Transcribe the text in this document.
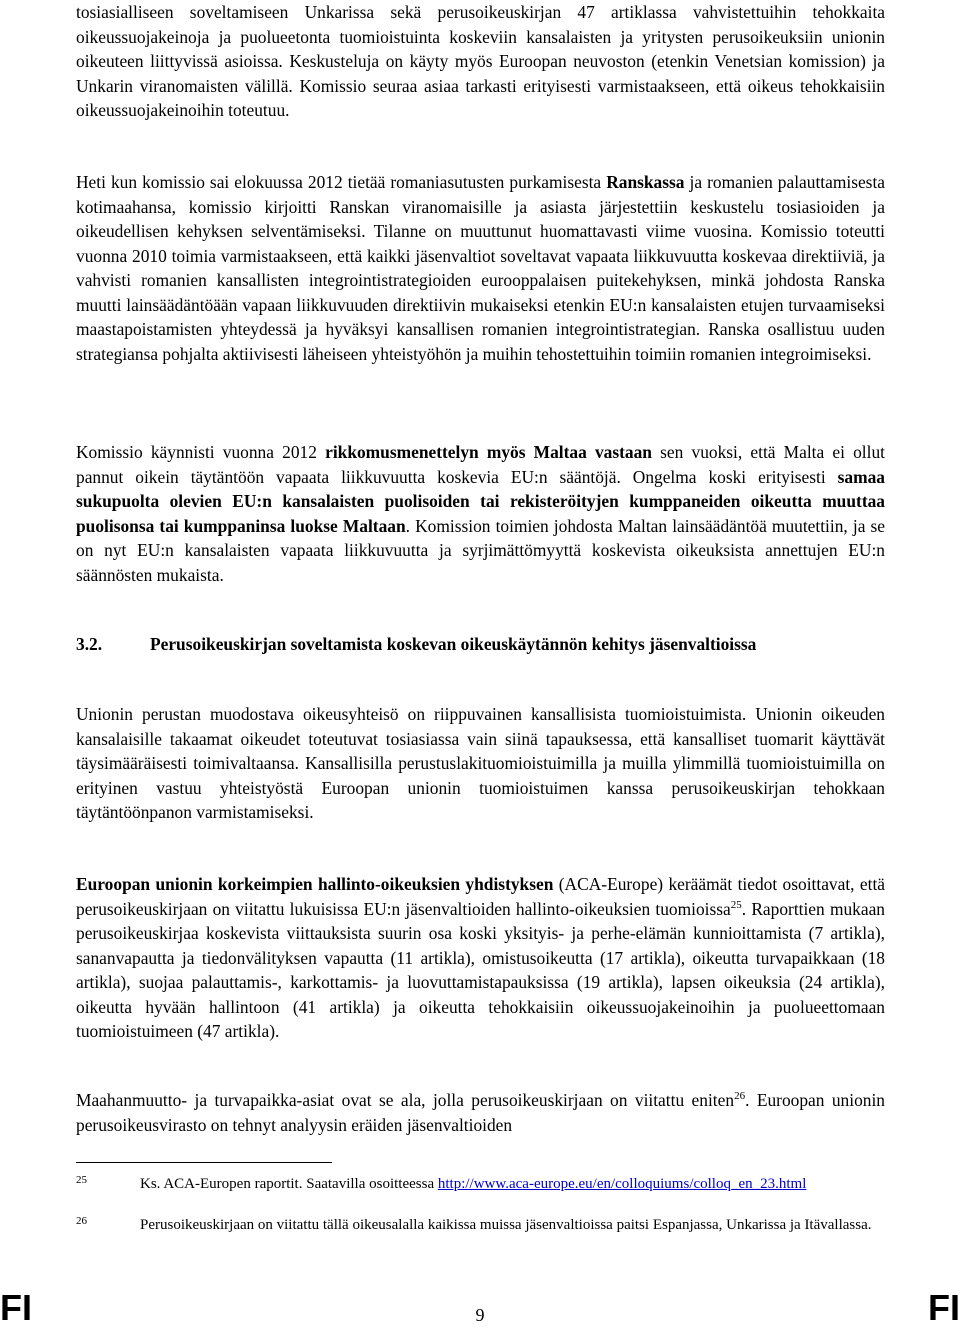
tosiasialliseen soveltamiseen Unkarissa sekä perusoikeuskirjan 47 artiklassa vahvistettuihin tehokkaita oikeussuojakeinoja ja puolueetonta tuomioistuinta koskeviin kansalaisten ja yritysten perusoikeuksiin unionin oikeuteen liittyvissä asioissa. Keskusteluja on käyty myös Euroopan neuvoston (etenkin Venetsian komission) ja Unkarin viranomaisten välillä. Komissio seuraa asiaa tarkasti erityisesti varmistaakseen, että oikeus tehokkaisiin oikeussuojakeinoihin toteutuu.

Heti kun komissio sai elokuussa 2012 tietää romaniasutusten purkamisesta Ranskassa ja romanien palauttamisesta kotimaahansa, komissio kirjoitti Ranskan viranomaisille ja asiasta järjestettiin keskustelu tosiasioiden ja oikeudellisen kehyksen selventämiseksi. Tilanne on muuttunut huomattavasti viime vuosina. Komissio toteutti vuonna 2010 toimia varmistaakseen, että kaikki jäsenvaltiot soveltavat vapaata liikkuvuutta koskevaa direktiiviä, ja vahvisti romanien kansallisten integrointistrategioiden eurooppalaisen puitekehyksen, minkä johdosta Ranska muutti lainsäädäntöään vapaan liikkuvuuden direktiivin mukaiseksi etenkin EU:n kansalaisten etujen turvaamiseksi maastapoistamisten yhteydessä ja hyväksyi kansallisen romanien integrointistrategian. Ranska osallistuu uuden strategiansa pohjalta aktiivisesti läheiseen yhteistyöhön ja muihin tehostettuihin toimiin romanien integroimiseksi.

Komissio käynnisti vuonna 2012 rikkomusmenettelyn myös Maltaa vastaan sen vuoksi, että Malta ei ollut pannut oikein täytäntöön vapaata liikkuvuutta koskevia EU:n sääntöjä. Ongelma koski erityisesti samaa sukupuolta olevien EU:n kansalaisten puolisoiden tai rekisteröityjen kumppaneiden oikeutta muuttaa puolisonsa tai kumppaninsa luokse Maltaan. Komission toimien johdosta Maltan lainsäädäntöä muutettiin, ja se on nyt EU:n kansalaisten vapaata liikkuvuutta ja syrjimättömyyttä koskevista oikeuksista annettujen EU:n säännösten mukaista.

3.2.	Perusoikeuskirjan soveltamista koskevan oikeuskäytännön kehitys jäsenvaltioissa

Unionin perustan muodostava oikeusyhteisö on riippuvainen kansallisista tuomioistuimista. Unionin oikeuden kansalaisille takaamat oikeudet toteutuvat tosiasiassa vain siinä tapauksessa, että kansalliset tuomarit käyttävät täysimääräisesti toimivaltaansa. Kansallisilla perustuslakituomioistuimilla ja muilla ylimmillä tuomioistuimilla on erityinen vastuu yhteistyöstä Euroopan unionin tuomioistuimen kanssa perusoikeuskirjan tehokkaan täytäntöönpanon varmistamiseksi.

Euroopan unionin korkeimpien hallinto-oikeuksien yhdistyksen (ACA-Europe) keräämät tiedot osoittavat, että perusoikeuskirjaan on viitattu lukuisissa EU:n jäsenvaltioiden hallinto-oikeuksien tuomioissa$^{25}$. Raporttien mukaan perusoikeuskirjaa koskevista viittauksista suurin osa koski yksityis- ja perhe-elämän kunnioittamista (7 artikla), sananvapautta ja tiedonvälityksen vapautta (11 artikla), omistusoikeutta (17 artikla), oikeutta turvapaikkaan (18 artikla), suojaa palauttamis-, karkottamis- ja luovuttamistapauksissa (19 artikla), lapsen oikeuksia (24 artikla), oikeutta hyvään hallintoon (41 artikla) ja oikeutta tehokkaisiin oikeussuojakeinoihin ja puolueettomaan tuomioistuimeen (47 artikla).

Maahanmuutto- ja turvapaikka-asiat ovat se ala, jolla perusoikeuskirjaan on viitattu eniten$^{26}$. Euroopan unionin perusoikeusvirasto on tehnyt analyysin eräiden jäsenvaltioiden

25	Ks. ACA-Europen raportit. Saatavilla osoitteessa http://www.aca-europe.eu/en/colloquiums/colloq_en_23.html
26	Perusoikeuskirjaan on viitattu tällä oikeusalalla kaikissa muissa jäsenvaltioissa paitsi Espanjassa, Unkarissa ja Itävallassa.
FI	9	FI
